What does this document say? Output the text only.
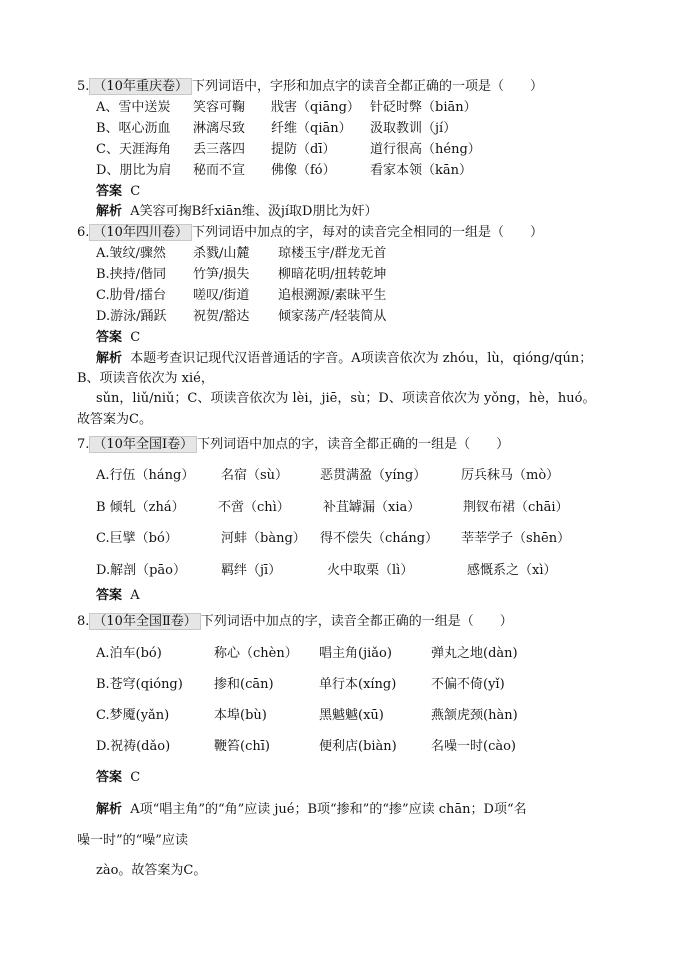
5. （10年重庆卷） 下列词语中，字形和加点字的读音全都正确的一项是（　　）
A、雪中送炭 笑容可鞠 戕害（qiāng） 针砭时弊（biān）
B、呕心沥血 淋漓尽致 纤维（qiān） 汲取教训（jí）
C、天涯海角 丢三落四 提防（dī）	道行很高（héng）
D、朋比为肩 秘而不宣 佛像（fó）	看家本领（kān）
答案 C
解析 A笑容可掬B纤xiān维、汲jí取D朋比为奸）
6. （10年四川卷） 下列词语中加点的字，每对的读音完全相同的一组是（　　）
A.皱纹/骤然 杀戮/山麓 琼楼玉宇/群龙无首
B.挟持/偕同 竹笋/损失 柳暗花明/扭转乾坤
C.肋骨/擂台 嗟叹/街道 追根溯源/素昧平生
D.游泳/踊跃 祝贺/豁达 倾家荡产/轻装简从
答案 C
解析 本题考查识记现代汉语普通话的字音。A项读音依次为 zhóu，lù，qióng/qún；
B、项读音依次为 xié，
sǔn，liǔ/niǔ；C、项读音依次为 lèi，jiē，sù；D、项读音依次为 yǒng，hè，huó。
故答案为C。
7. （10年全国Ⅰ卷） 下列词语中加点的字，读音全都正确的一组是（　　）
A.行伍（háng） 名宿（sù） 恶贯满盈（yíng）	厉兵秣马（mò）
B 倾轧（zhá）	不啻（chì）	补苴罅漏（xia）	荆钗布裙（chāi）
C.巨擘（bó）	河蚌（bàng） 得不偿失（cháng） 莘莘学子（shēn）
D.解剖（pāo）	羁绊（jī）	火中取栗（lì）	感慨系之（xì）
答案 A
8. （10年全国Ⅱ卷） 下列词语中加点的字，读音全都正确的一组是（　　）
A.泊车(bó)	称心（chèn） 唱主角(jiǎo)	弹丸之地(dàn)
B.苍穹(qióng) 掺和(cān)	单行本(xíng)	不偏不倚(yǐ)
C.梦魇(yǎn)	本埠(bù)	黑魆魆(xū)	燕颔虎颈(hàn)
D.祝祷(dǎo)	鞭笞(chī)	便利店(biàn)	名噪一时(cào)
答案 C
解析 A项“唱主角”的“角”应读 jué；B项“掺和”的“掺”应读 chān；D项“名
噪一时”的“噪”应读
zào。故答案为C。
